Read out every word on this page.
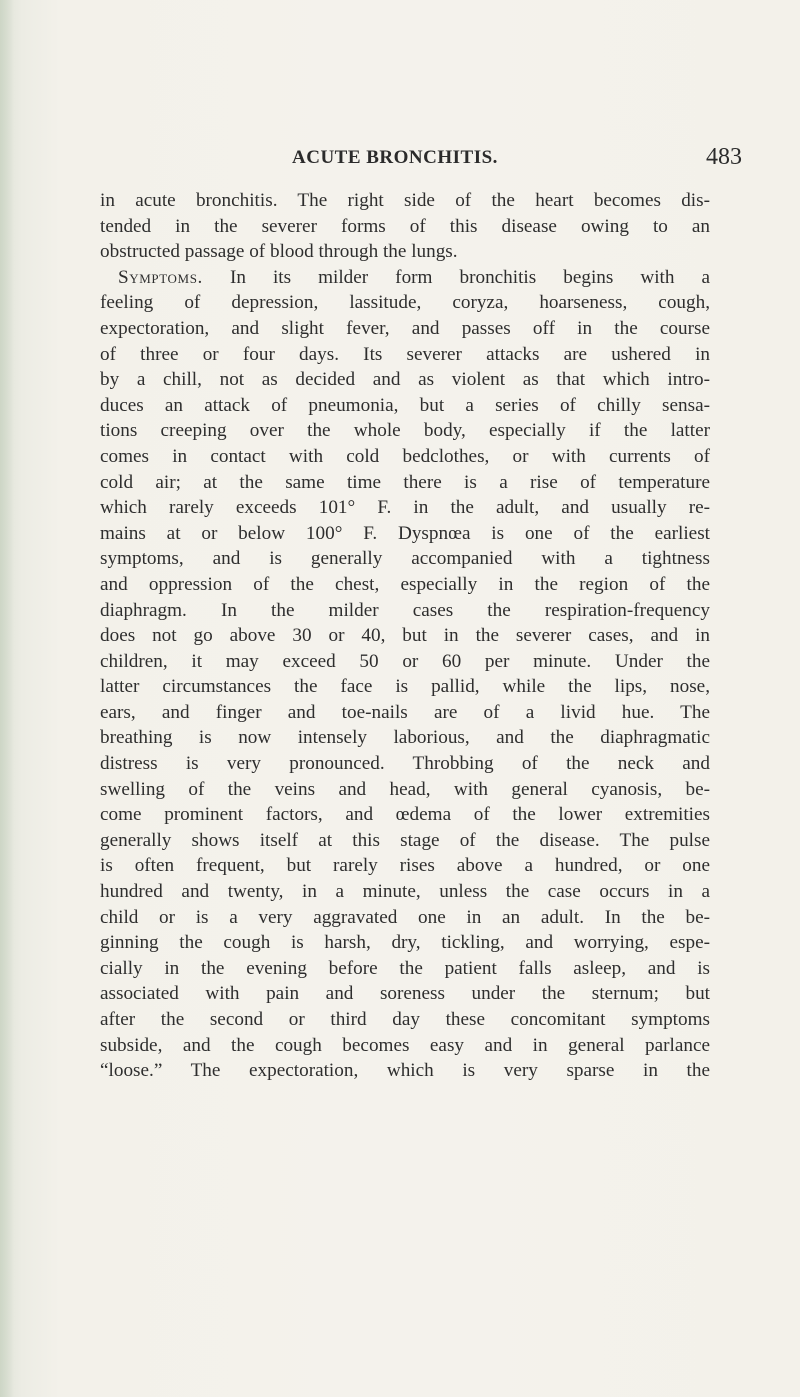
ACUTE BRONCHITIS.	483
in acute bronchitis. The right side of the heart becomes dis-
tended in the severer forms of this disease owing to an
obstructed passage of blood through the lungs.
Symptoms. In its milder form bronchitis begins with a
feeling of depression, lassitude, coryza, hoarseness, cough,
expectoration, and slight fever, and passes off in the course
of three or four days. Its severer attacks are ushered in
by a chill, not as decided and as violent as that which intro-
duces an attack of pneumonia, but a series of chilly sensa-
tions creeping over the whole body, especially if the latter
comes in contact with cold bedclothes, or with currents of
cold air; at the same time there is a rise of temperature
which rarely exceeds 101° F. in the adult, and usually re-
mains at or below 100° F. Dyspnœa is one of the earliest
symptoms, and is generally accompanied with a tightness
and oppression of the chest, especially in the region of the
diaphragm. In the milder cases the respiration-frequency
does not go above 30 or 40, but in the severer cases, and in
children, it may exceed 50 or 60 per minute. Under the
latter circumstances the face is pallid, while the lips, nose,
ears, and finger and toe-nails are of a livid hue. The
breathing is now intensely laborious, and the diaphragmatic
distress is very pronounced. Throbbing of the neck and
swelling of the veins and head, with general cyanosis, be-
come prominent factors, and œdema of the lower extremities
generally shows itself at this stage of the disease. The pulse
is often frequent, but rarely rises above a hundred, or one
hundred and twenty, in a minute, unless the case occurs in a
child or is a very aggravated one in an adult. In the be-
ginning the cough is harsh, dry, tickling, and worrying, espe-
cially in the evening before the patient falls asleep, and is
associated with pain and soreness under the sternum; but
after the second or third day these concomitant symptoms
subside, and the cough becomes easy and in general parlance
“loose.” The expectoration, which is very sparse in the
